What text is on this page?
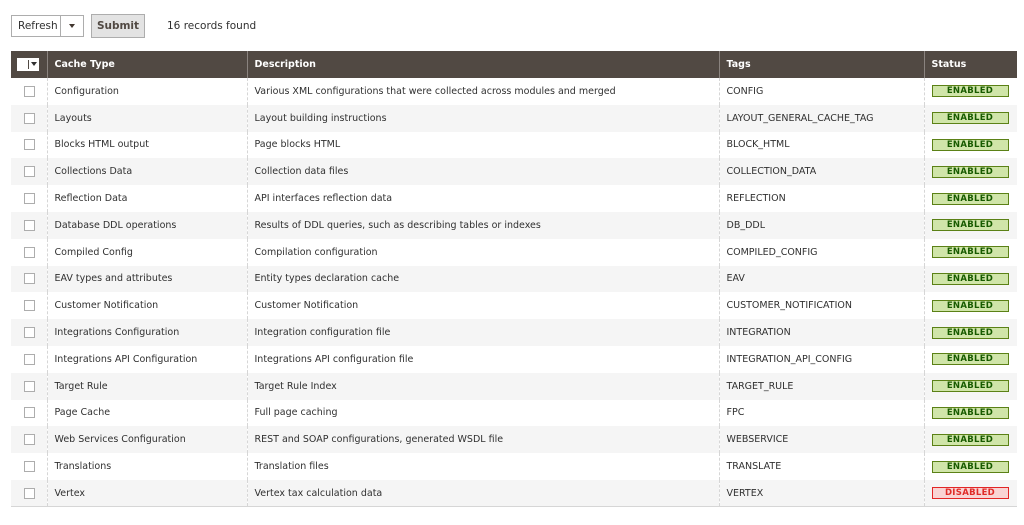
Refresh	Submit	16 records found
	Cache Type	Description	Tags	Status

	Configuration	Various XML configurations that were collected across modules and merged	CONFIG	ENABLED

	Layouts	Layout building instructions	LAYOUT_GENERAL_CACHE_TAG	ENABLED

	Blocks HTML output	Page blocks HTML	BLOCK_HTML	ENABLED

	Collections Data	Collection data files	COLLECTION_DATA	ENABLED

	Reflection Data	API interfaces reflection data	REFLECTION	ENABLED

	Database DDL operations	Results of DDL queries, such as describing tables or indexes	DB_DDL	ENABLED

	Compiled Config	Compilation configuration	COMPILED_CONFIG	ENABLED

	EAV types and attributes	Entity types declaration cache	EAV	ENABLED

	Customer Notification	Customer Notification	CUSTOMER_NOTIFICATION	ENABLED

	Integrations Configuration	Integration configuration file	INTEGRATION	ENABLED

	Integrations API Configuration	Integrations API configuration file	INTEGRATION_API_CONFIG	ENABLED

	Target Rule	Target Rule Index	TARGET_RULE	ENABLED

	Page Cache	Full page caching	FPC	ENABLED

	Web Services Configuration	REST and SOAP configurations, generated WSDL file	WEBSERVICE	ENABLED

	Translations	Translation files	TRANSLATE	ENABLED

	Vertex	Vertex tax calculation data	VERTEX	DISABLED
